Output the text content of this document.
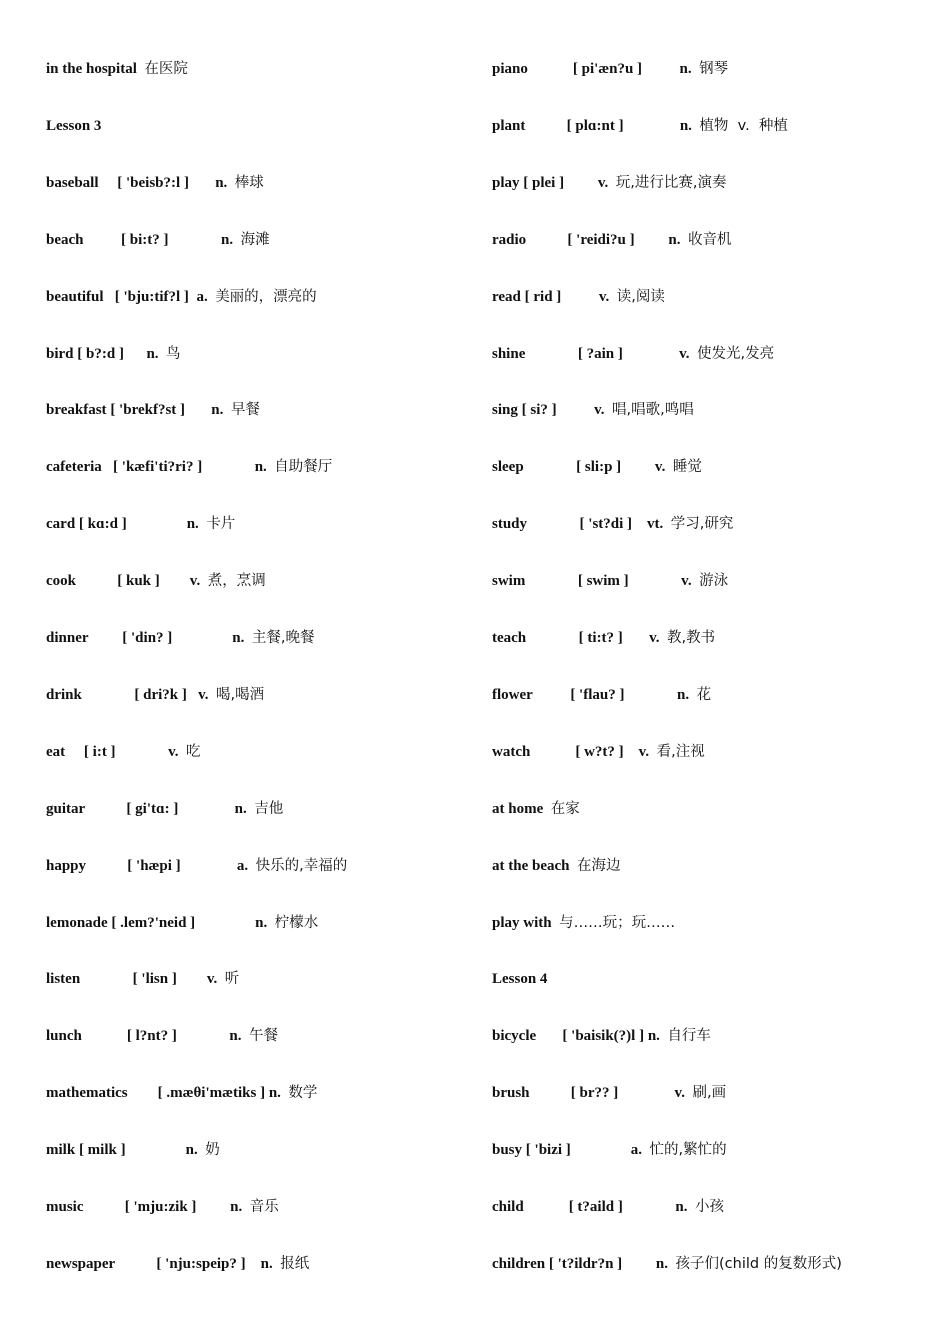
in the hospital 在医院
Lesson 3
baseball [ 'beisb?:l ] n. 棒球
beach	[ bi:t? ]	n. 海滩
beautiful [ 'bju:tif?l ] a. 美丽的，漂亮的
bird [ b?:d ] n. 鸟
breakfast [ 'brekf?st ] n. 早餐
cafeteria [ 'kæfi'ti?ri? ]	n. 自助餐厅
card [ kɑ:d ]	n. 卡片
cook	[ kuk ] v. 煮，烹调
dinner [ 'din? ]	n. 主餐,晚餐
drink	[ dri?k ] v. 喝,喝酒
eat [ i:t ]	v. 吃
guitar	[ gi'tɑ: ]	n. 吉他
happy	[ 'hæpi ]	a. 快乐的,幸福的
lemonade [ .lem?'neid ]	n. 柠檬水
listen	[ 'lisn ] v. 听
lunch	[ l?nt? ]	n. 午餐
mathematics [ .mæθi'mætiks ] n. 数学
milk [ milk ]	n. 奶
music	[ 'mju:zik ] n. 音乐
newspaper	[ 'nju:speip? ] n. 报纸
piano	[ pi'æn?u ]	n. 钢琴
plant	[ plɑ:nt ]	n. 植物  v.  种植
play [ plei ] v. 玩,进行比赛,演奏
radio	[ 'reidi?u ] n. 收音机
read [ rid ]	v. 读,阅读
shine	[ ?ain ]	v. 使发光,发亮
sing [ si? ]	v. 唱,唱歌,鸣唱
sleep	[ sli:p ] v. 睡觉
study	[ 'st?di ] vt. 学习,研究
swim	[ swim ]	v. 游泳
teach	[ ti:t? ] v. 教,教书
flower	[ 'flau? ]	n. 花
watch	[ w?t? ] v. 看,注视
at home 在家
at the beach 在海边
play with 与……玩；玩……
Lesson 4
bicycle [ 'baisik(?)l ] n. 自行车
brush	[ br?? ]	v. 刷,画
busy [ 'bizi ]	a. 忙的,繁忙的
child	[ t?aild ]	n. 小孩
children [ 't?ildr?n ] n. 孩子们(child 的复数形式)
